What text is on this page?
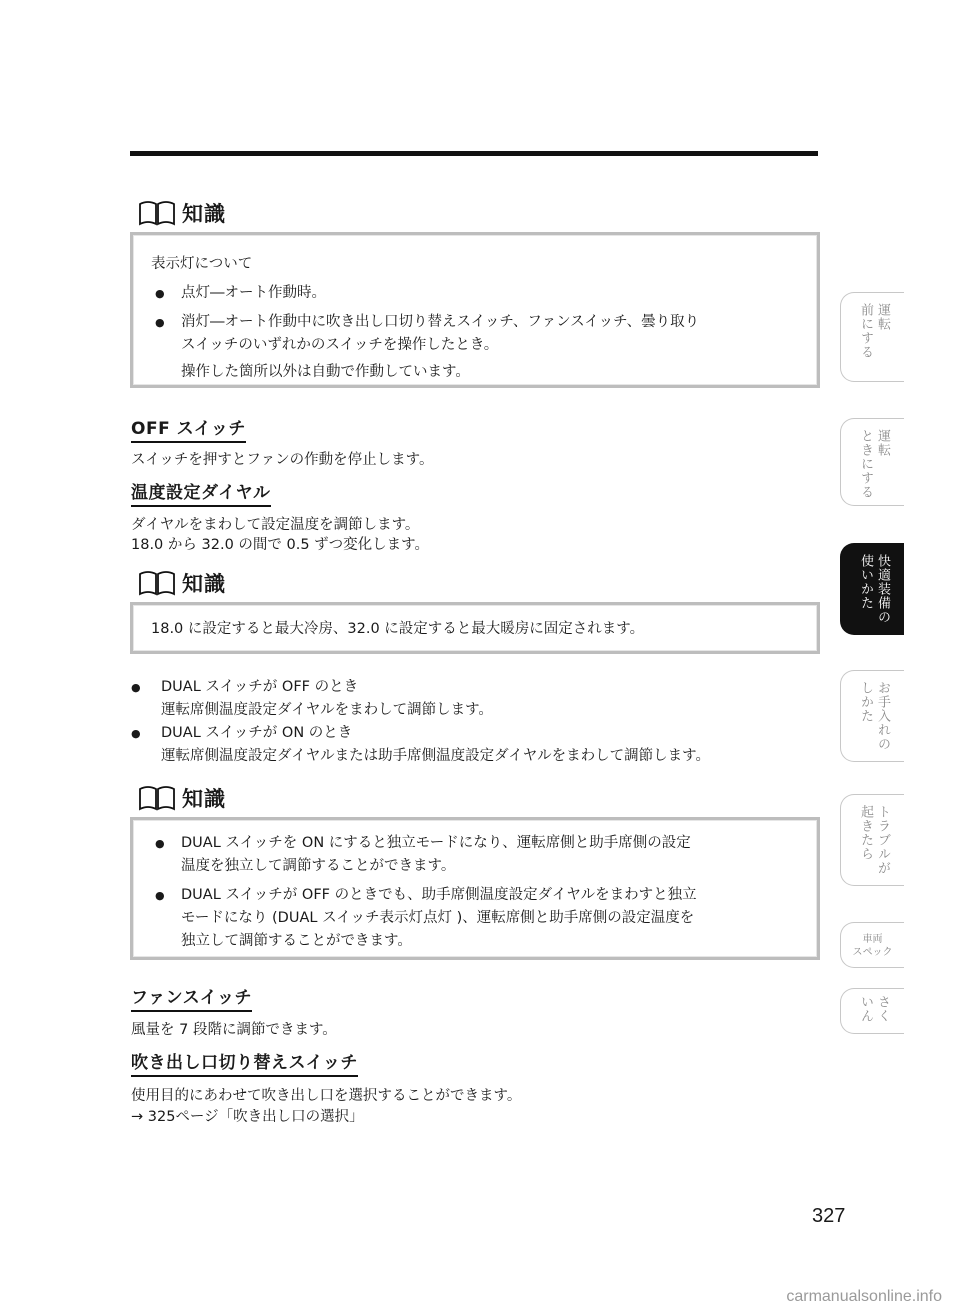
知識
表示灯について
● 点灯―オート作動時。
● 消灯―オート作動中に吹き出し口切り替えスイッチ、ファンスイッチ、曇り取り
スイッチのいずれかのスイッチを操作したとき。
操作した箇所以外は自動で作動しています。
OFF スイッチ
スイッチを押すとファンの作動を停止します。
温度設定ダイヤル
ダイヤルをまわして設定温度を調節します。
18.0 から 32.0 の間で 0.5 ずつ変化します。
知識
18.0 に設定すると最大冷房、32.0 に設定すると最大暖房に固定されます。
● DUAL スイッチが OFF のとき
運転席側温度設定ダイヤルをまわして調節します。
● DUAL スイッチが ON のとき
運転席側温度設定ダイヤルまたは助手席側温度設定ダイヤルをまわして調節します。
知識
● DUAL スイッチを ON にすると独立モードになり、運転席側と助手席側の設定
温度を独立して調節することができます。
● DUAL スイッチが OFF のときでも、助手席側温度設定ダイヤルをまわすと独立
モードになり (DUAL スイッチ表示灯点灯 )、運転席側と助手席側の設定温度を
独立して調節することができます。
ファンスイッチ
風量を 7 段階に調節できます。
吹き出し口切り替えスイッチ
使用目的にあわせて吹き出し口を選択することができます。
→ 325ページ「吹き出し口の選択」
運転
前にする
運転
ときにする
快適装備の
使いかた
お手入れの
しかた
トラブルが
起きたら
車両
スペック
さく
いん
327
carmanualsonline.info
